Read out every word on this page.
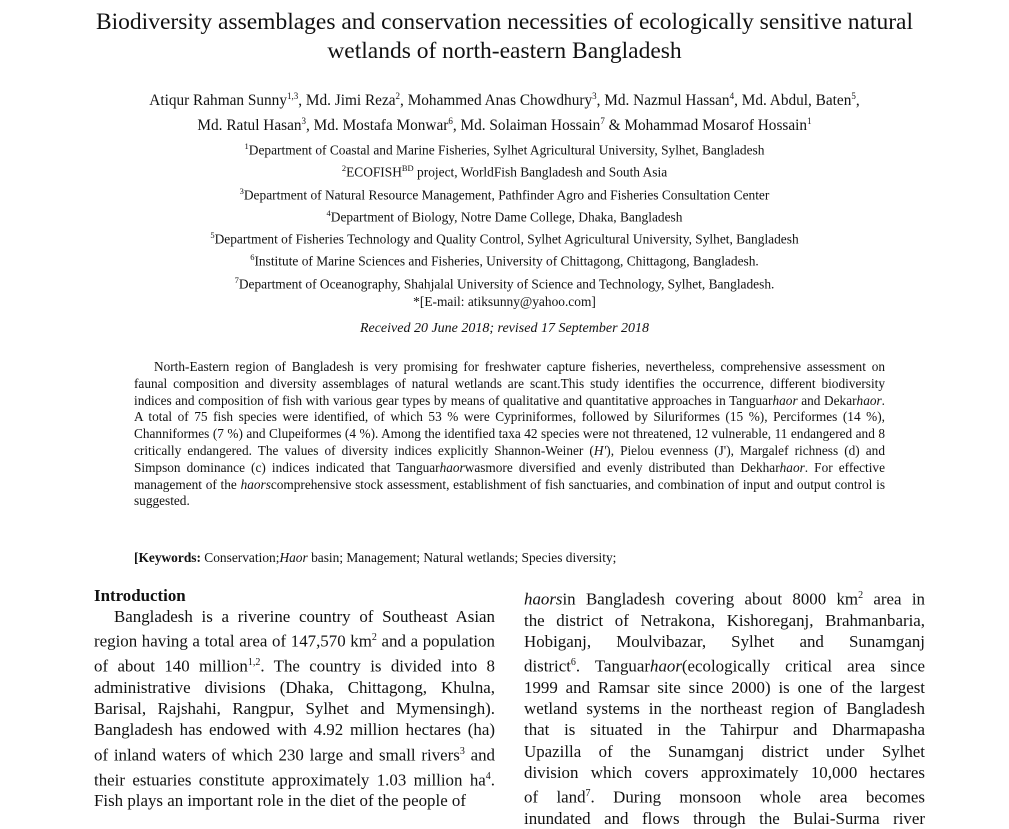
Biodiversity assemblages and conservation necessities of ecologically sensitive natural wetlands of north-eastern Bangladesh

Atiqur Rahman Sunny$^{1,3}$, Md. Jimi Reza$^2$, Mohammed Anas Chowdhury$^3$, Md. Nazmul Hassan$^4$, Md. Abdul, Baten$^5$,
Md. Ratul Hasan$^3$, Md. Mostafa Monwar$^6$, Md. Solaiman Hossain$^7$ & Mohammad Mosarof Hossain$^1$

$^1$Department of Coastal and Marine Fisheries, Sylhet Agricultural University, Sylhet, Bangladesh
$^2ECOFISH^{BD}$ project, WorldFish Bangladesh and South Asia
$^3$Department of Natural Resource Management, Pathfinder Agro and Fisheries Consultation Center
$^4$Department of Biology, Notre Dame College, Dhaka, Bangladesh
$^5$Department of Fisheries Technology and Quality Control, Sylhet Agricultural University, Sylhet, Bangladesh
$^6$Institute of Marine Sciences and Fisheries, University of Chittagong, Chittagong, Bangladesh.
$^7$Department of Oceanography, Shahjalal University of Science and Technology, Sylhet, Bangladesh.
*[E-mail: atiksunny@yahoo.com]
Received 20 June 2018; revised 17 September 2018

North-Eastern region of Bangladesh is very promising for freshwater capture fisheries, nevertheless, comprehensive assessment on faunal composition and diversity assemblages of natural wetlands are scant.This study identifies the occurrence, different biodiversity indices and composition of fish with various gear types by means of qualitative and quantitative approaches in Tanguarhaor and Dekarhaor. A total of 75 fish species were identified, of which 53 % were Cypriniformes, followed by Siluriformes (15 %), Perciformes (14 %), Channiformes (7 %) and Clupeiformes (4 %). Among the identified taxa 42 species were not threatened, 12 vulnerable, 11 endangered and 8 critically endangered. The values of diversity indices explicitly Shannon-Weiner (H'), Pielou evenness (J'), Margalef richness (d) and Simpson dominance (c) indices indicated that Tanguarhaorwasmore diversified and evenly distributed than Dekharhaor. For effective management of the haorscomprehensive stock assessment, establishment of fish sanctuaries, and combination of input and output control is suggested.

[Keywords: Conservation;Haor basin; Management; Natural wetlands; Species diversity;

Introduction

Bangladesh is a riverine country of Southeast Asian region having a total area of 147,570 $km^2$ and a population of about 140 million$^{1,2}$. The country is divided into 8 administrative divisions (Dhaka, Chittagong, Khulna, Barisal, Rajshahi, Rangpur, Sylhet and Mymensingh). Bangladesh has endowed with 4.92 million hectares (ha) of inland waters of which 230 large and small rivers$^3$ and their estuaries constitute approximately 1.03 million $ha^4$. Fish plays an important role in the diet of the people of

haorsin Bangladesh covering about 8000 $km^2$ area in
the district of Netrakona, Kishoreganj, Brahmanbaria,
Hobiganj, Moulvibazar, Sylhet and Sunamganj
district$^6$. Tanguarhaor(ecologically critical area since
1999 and Ramsar site since 2000) is one of the largest
wetland systems in the northeast region of Bangladesh
that is situated in the Tahirpur and Dharmapasha
Upazilla of the Sunamganj district under Sylhet
division which covers approximately 10,000 hectares
of land$^7$. During monsoon whole area becomes
inundated and flows through the Bulai-Surma river
